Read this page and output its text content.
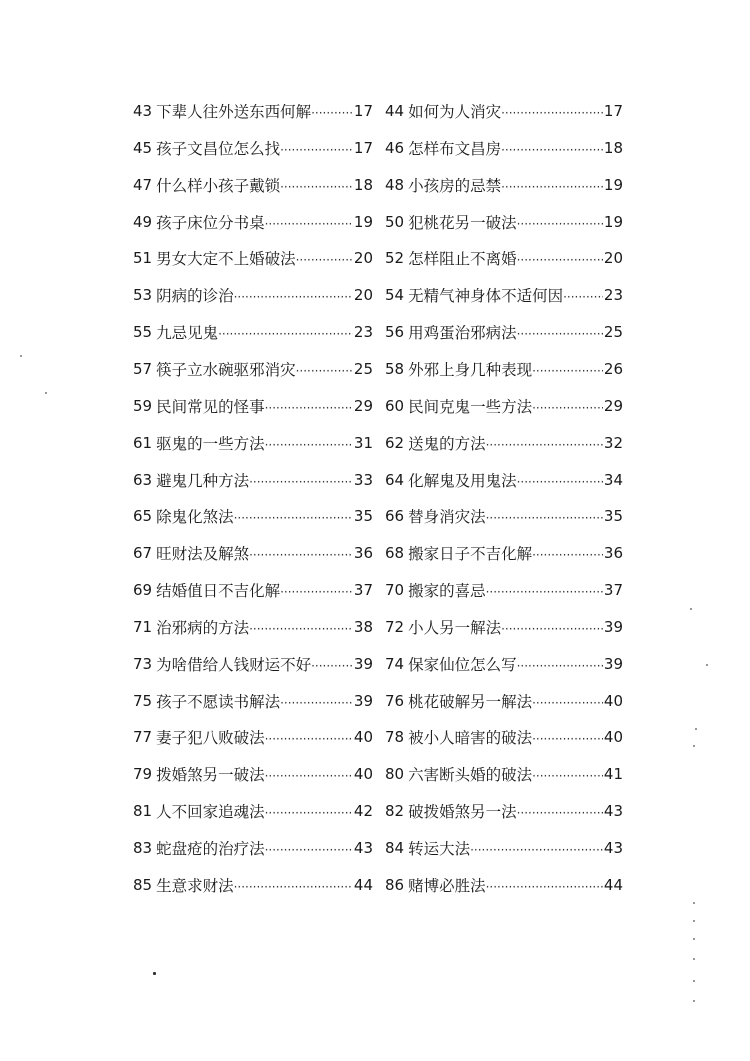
43 下辈人往外送东西何解 ·····	17 44 如何为人消灾 ·····	17
45 孩子文昌位怎么找 ·····	17 46 怎样布文昌房 ·····	18
47 什么样小孩子戴锁 ·····	18 48 小孩房的忌禁 ·····	19
49 孩子床位分书桌 ·····	19 50 犯桃花另一破法 ·····	19
51 男女大定不上婚破法 ·····	20 52 怎样阻止不离婚 ·····	20
53 阴病的诊治 ·····	20 54 无精气神身体不适何因 ·····	23
55 九忌见鬼 ·····	23 56 用鸡蛋治邪病法 ·····	25
57 筷子立水碗驱邪消灾 ·····	25 58 外邪上身几种表现 ·····	26
59 民间常见的怪事 ·····	29 60 民间克鬼一些方法 ·····	29
61 驱鬼的一些方法 ·····	31 62 送鬼的方法 ·····	32
63 避鬼几种方法 ·····	33 64 化解鬼及用鬼法 ·····	34
65 除鬼化煞法 ·····	35 66 替身消灾法 ·····	35
67 旺财法及解煞 ·····	36 68 搬家日子不吉化解 ·····	36
69 结婚值日不吉化解 ·····	37 70 搬家的喜忌 ·····	37
71 治邪病的方法 ·····	38 72 小人另一解法 ·····	39
73 为啥借给人钱财运不好 ·····	39 74 保家仙位怎么写 ·····	39
75 孩子不愿读书解法 ·····	39 76 桃花破解另一解法 ·····	40
77 妻子犯八败破法 ·····	40 78 被小人暗害的破法 ·····	40
79 拨婚煞另一破法 ·····	40 80 六害断头婚的破法 ·····	41
81 人不回家追魂法 ·····	42 82 破拨婚煞另一法 ·····	43
83 蛇盘疮的治疗法 ·····	43 84 转运大法 ·····	43
85 生意求财法 ·····	44 86 赌博必胜法 ·····	44
